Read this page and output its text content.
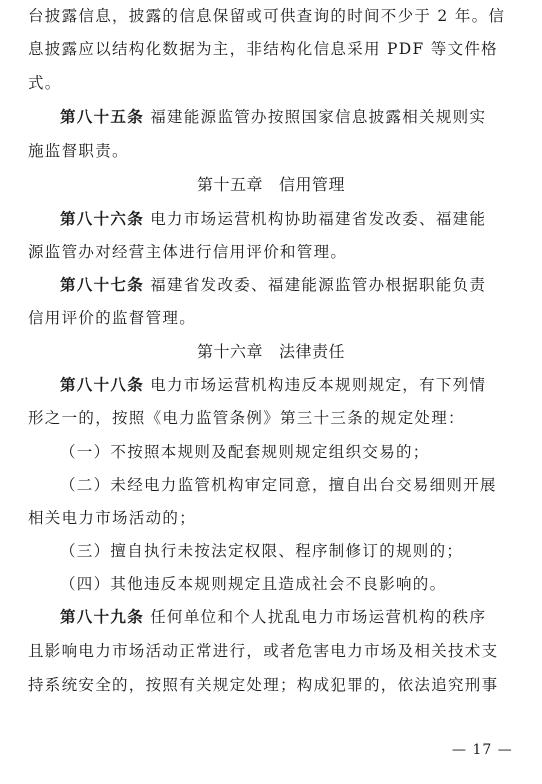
台披露信息，披露的信息保留或可供查询的时间不少于 2 年。信
息披露应以结构化数据为主，非结构化信息采用 PDF 等文件格
式。
第八十五条 福建能源监管办按照国家信息披露相关规则实
施监督职责。
第十五章 信用管理
第八十六条 电力市场运营机构协助福建省发改委、福建能
源监管办对经营主体进行信用评价和管理。
第八十七条 福建省发改委、福建能源监管办根据职能负责
信用评价的监督管理。
第十六章 法律责任
第八十八条 电力市场运营机构违反本规则规定，有下列情
形之一的，按照《电力监管条例》第三十三条的规定处理：
（一）不按照本规则及配套规则规定组织交易的；
（二）未经电力监管机构审定同意，擅自出台交易细则开展
相关电力市场活动的；
（三）擅自执行未按法定权限、程序制修订的规则的；
（四）其他违反本规则规定且造成社会不良影响的。
第八十九条 任何单位和个人扰乱电力市场运营机构的秩序
且影响电力市场活动正常进行，或者危害电力市场及相关技术支
持系统安全的，按照有关规定处理；构成犯罪的，依法追究刑事
— 17 —
